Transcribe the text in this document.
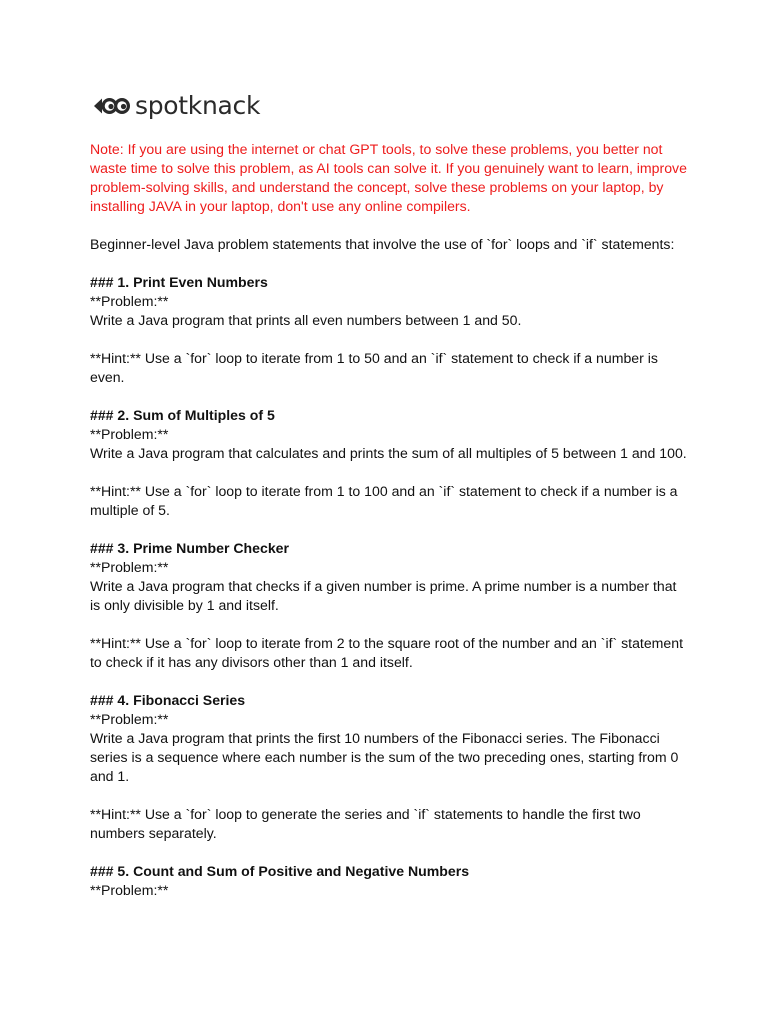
spotknack

Note: If you are using the internet or chat GPT tools, to solve these problems, you better not waste time to solve this problem, as AI tools can solve it. If you genuinely want to learn, improve problem-solving skills, and understand the concept, solve these problems on your laptop, by installing JAVA in your laptop, don't use any online compilers.

Beginner-level Java problem statements that involve the use of `for` loops and `if` statements:

### 1. Print Even Numbers

**Problem:**

Write a Java program that prints all even numbers between 1 and 50.

**Hint:** Use a `for` loop to iterate from 1 to 50 and an `if` statement to check if a number is even.

### 2. Sum of Multiples of 5

**Problem:**

Write a Java program that calculates and prints the sum of all multiples of 5 between 1 and 100.

**Hint:** Use a `for` loop to iterate from 1 to 100 and an `if` statement to check if a number is a multiple of 5.

### 3. Prime Number Checker

**Problem:**

Write a Java program that checks if a given number is prime. A prime number is a number that is only divisible by 1 and itself.

**Hint:** Use a `for` loop to iterate from 2 to the square root of the number and an `if` statement to check if it has any divisors other than 1 and itself.

### 4. Fibonacci Series

**Problem:**

Write a Java program that prints the first 10 numbers of the Fibonacci series. The Fibonacci series is a sequence where each number is the sum of the two preceding ones, starting from 0 and 1.

**Hint:** Use a `for` loop to generate the series and `if` statements to handle the first two numbers separately.

### 5. Count and Sum of Positive and Negative Numbers

**Problem:**
